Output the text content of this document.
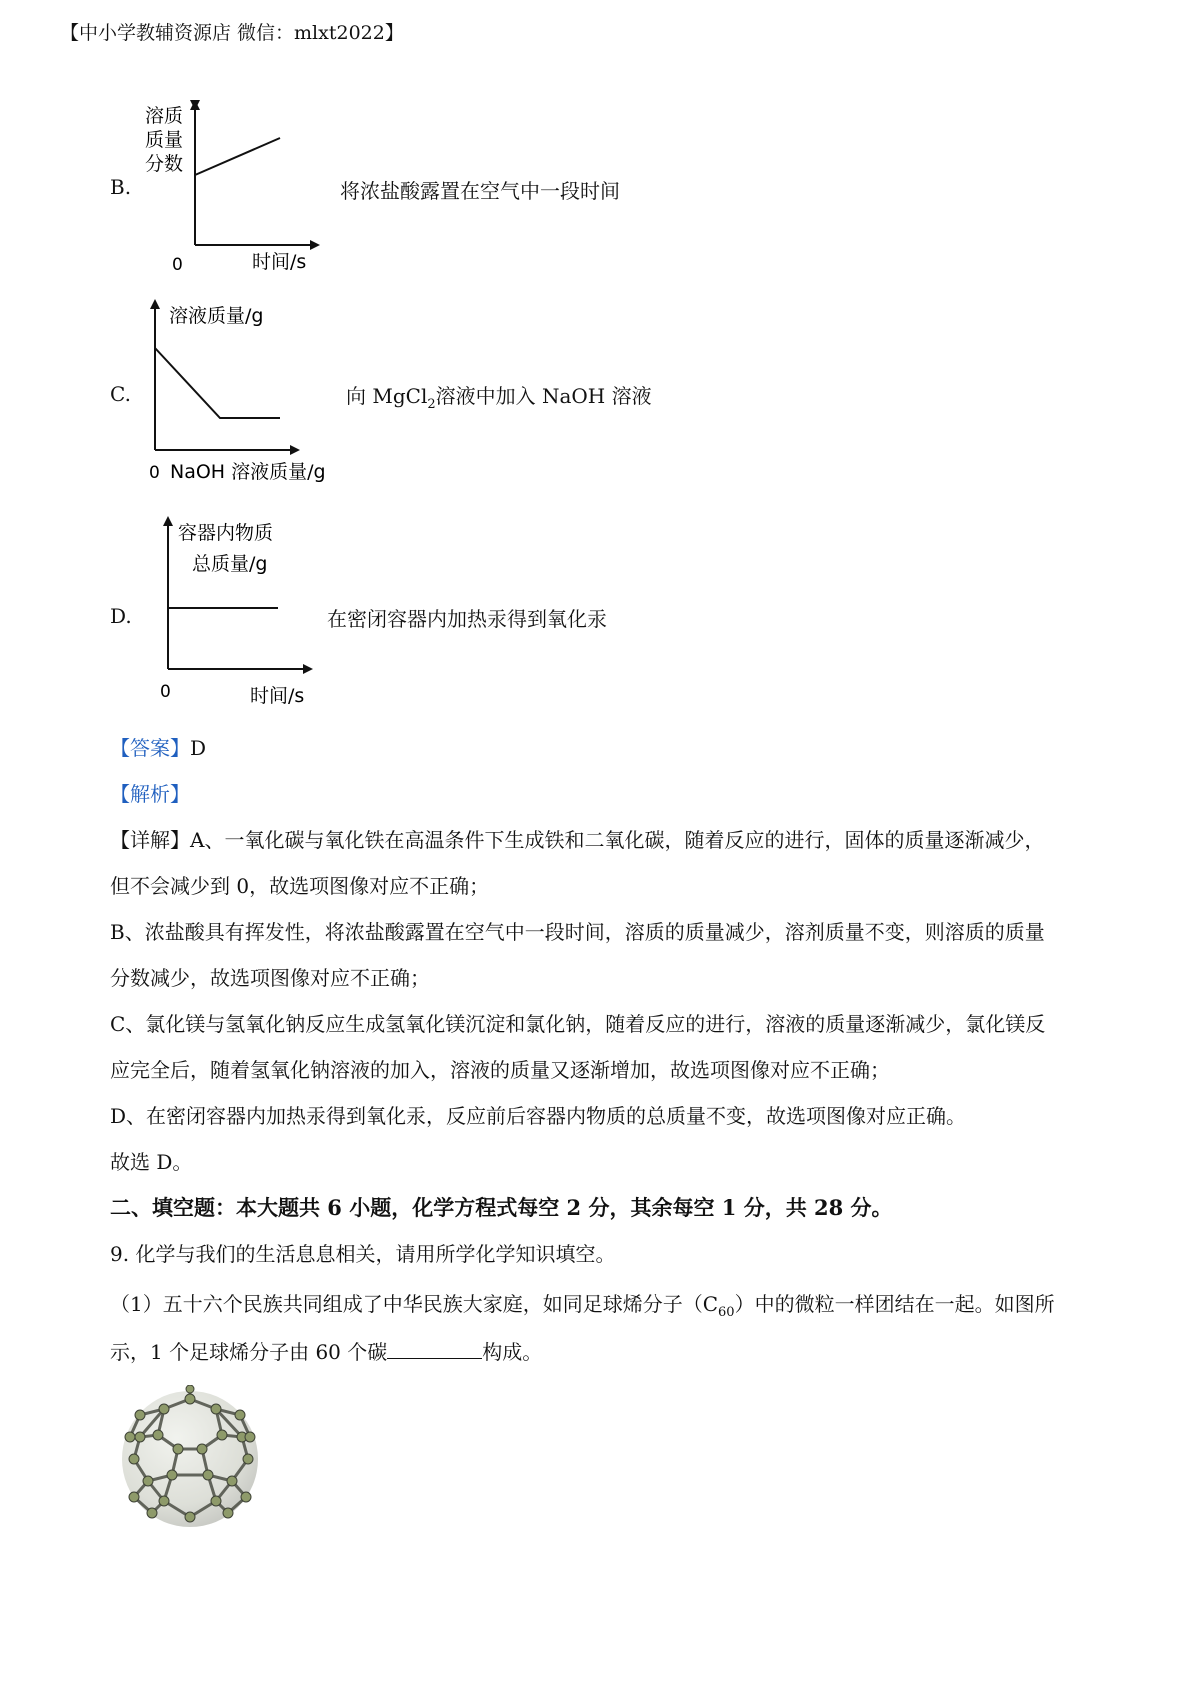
【中小学教辅资源店 微信：mlxt2022】
B.
溶质
质量
分数
0	时间/s
将浓盐酸露置在空气中一段时间
C.
溶液质量/g
0 NaOH 溶液质量/g
向 MgCl$_2$溶液中加入 NaOH 溶液
D.
容器内物质
总质量/g
0	时间/s
在密闭容器内加热汞得到氧化汞
【答案】D
【解析】
【详解】A、一氧化碳与氧化铁在高温条件下生成铁和二氧化碳，随着反应的进行，固体的质量逐渐减少，
但不会减少到 0，故选项图像对应不正确；
B、浓盐酸具有挥发性，将浓盐酸露置在空气中一段时间，溶质的质量减少，溶剂质量不变，则溶质的质量
分数减少，故选项图像对应不正确；
C、氯化镁与氢氧化钠反应生成氢氧化镁沉淀和氯化钠，随着反应的进行，溶液的质量逐渐减少，氯化镁反
应完全后，随着氢氧化钠溶液的加入，溶液的质量又逐渐增加，故选项图像对应不正确；
D、在密闭容器内加热汞得到氧化汞，反应前后容器内物质的总质量不变，故选项图像对应正确。
故选 D。
二、填空题：本大题共 6 小题，化学方程式每空 2 分，其余每空 1 分，共 28 分。
9. 化学与我们的生活息息相关，请用所学化学知识填空。
（1）五十六个民族共同组成了中华民族大家庭，如同足球烯分子$(C_{60})$中的微粒一样团结在一起。如图所
示，1 个足球烯分子由 60 个碳	构成。
